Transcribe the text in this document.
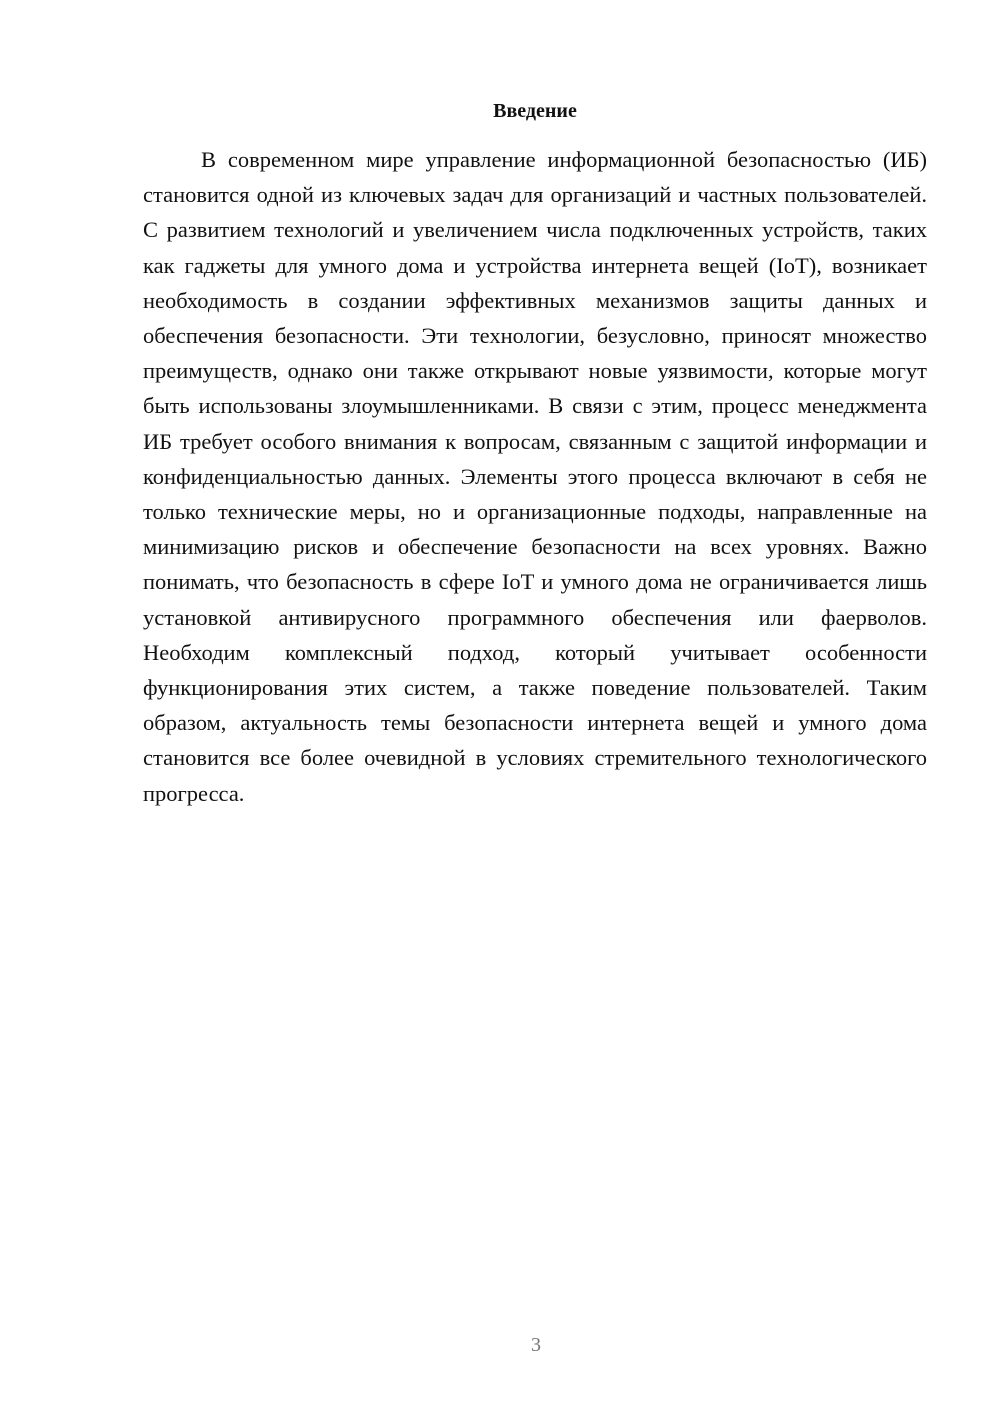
Введение

В современном мире управление информационной безопасностью (ИБ) становится одной из ключевых задач для организаций и частных пользователей. С развитием технологий и увеличением числа подключенных устройств, таких как гаджеты для умного дома и устройства интернета вещей (IoT), возникает необходимость в создании эффективных механизмов защиты данных и обеспечения безопасности. Эти технологии, безусловно, приносят множество преимуществ, однако они также открывают новые уязвимости, которые могут быть использованы злоумышленниками. В связи с этим, процесс менеджмента ИБ требует особого внимания к вопросам, связанным с защитой информации и конфиденциальностью данных. Элементы этого процесса включают в себя не только технические меры, но и организационные подходы, направленные на минимизацию рисков и обеспечение безопасности на всех уровнях. Важно понимать, что безопасность в сфере IoT и умного дома не ограничивается лишь установкой антивирусного программного обеспечения или фаерволов. Необходим комплексный подход, который учитывает особенности функционирования этих систем, а также поведение пользователей. Таким образом, актуальность темы безопасности интернета вещей и умного дома становится все более очевидной в условиях стремительного технологического прогресса.

3
